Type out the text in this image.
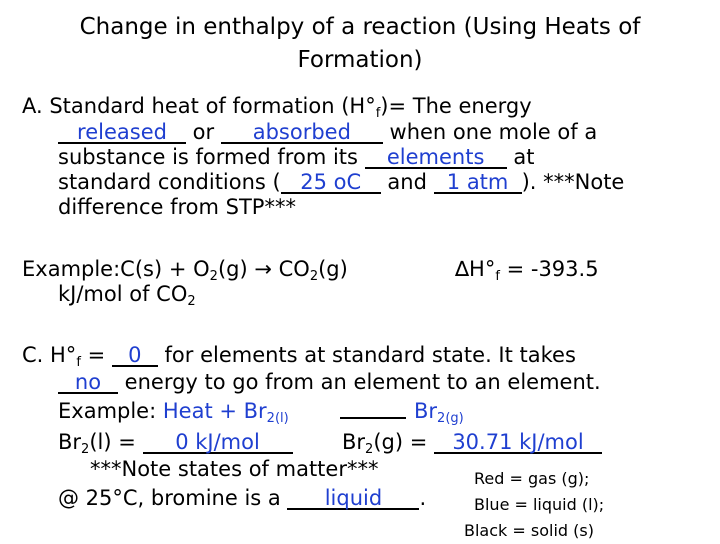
Change in enthalpy of a reaction (Using Heats of
Formation)
A. Standard heat of formation $(H^\circ_f)=$ The energy
released or absorbed when one mole of a
substance is formed from its elements at
standard conditions ( 25 oC and 1 atm ). ***Note
difference from STP***
Example:C(s) + $O_2(g) \to CO_2(g)$	$\Delta H^\circ_f = -393.5$
kJ/mol of $CO_2$
C. $H^\circ_f = 0$ for elements at standard state. It takes
no energy to go from an element to an element.
Example: Heat + $Br_{2(l)}$	$Br_{2(g)}$
$Br_2(l) = 0$ kJ/mol	$Br_2(g) = 30.71$ kJ/mol
***Note states of matter***
@ 25°C, bromine is a liquid .
Red = gas (g);
Blue = liquid (l);
Black = solid (s)
